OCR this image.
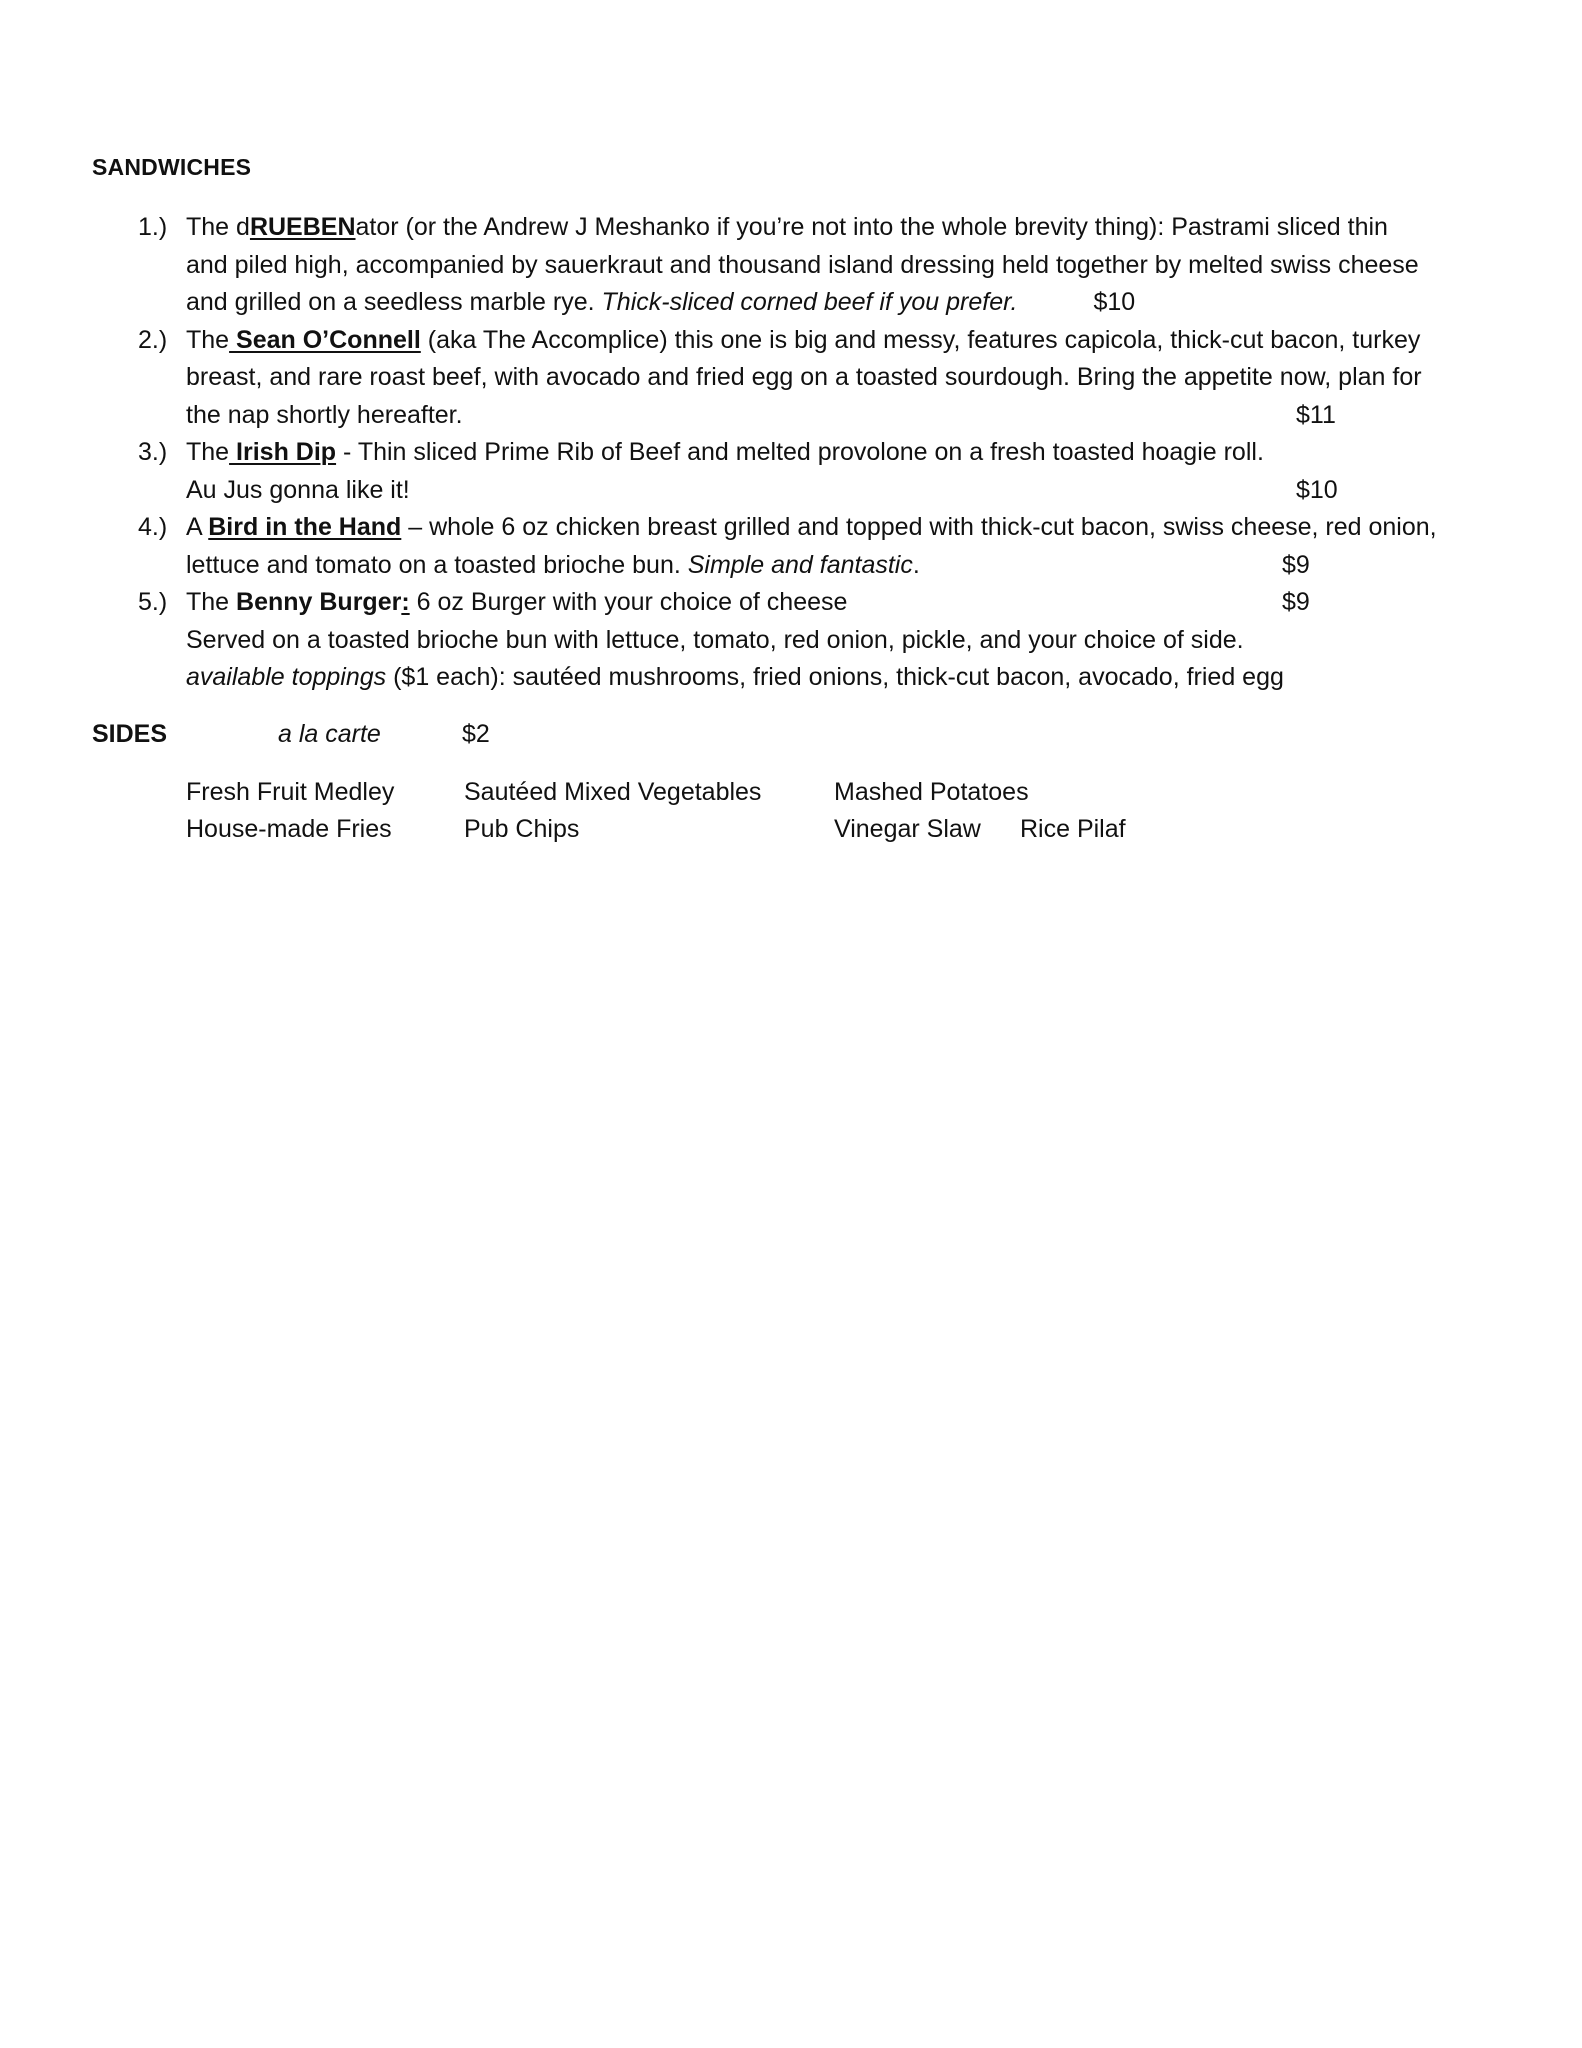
SANDWICHES
1.) The dRUEBENator (or the Andrew J Meshanko if you’re not into the whole brevity thing): Pastrami sliced thin
and piled high, accompanied by sauerkraut and thousand island dressing held together by melted swiss cheese
and grilled on a seedless marble rye. Thick-sliced corned beef if you prefer.	$10
2.) The Sean O’Connell (aka The Accomplice) this one is big and messy, features capicola, thick-cut bacon, turkey
breast, and rare roast beef, with avocado and fried egg on a toasted sourdough. Bring the appetite now, plan for
the nap shortly hereafter.	$11
3.) The Irish Dip - Thin sliced Prime Rib of Beef and melted provolone on a fresh toasted hoagie roll.
Au Jus gonna like it!	$10
4.) A Bird in the Hand – whole 6 oz chicken breast grilled and topped with thick-cut bacon, swiss cheese, red onion,
lettuce and tomato on a toasted brioche bun. Simple and fantastic.	$9
5.) The Benny Burger: 6 oz Burger with your choice of cheese	$9
Served on a toasted brioche bun with lettuce, tomato, red onion, pickle, and your choice of side.
available toppings ($1 each): sautéed mushrooms, fried onions, thick-cut bacon, avocado, fried egg
SIDES	a la carte	$2
Fresh Fruit Medley	Sautéed Mixed Vegetables	Mashed Potatoes
House-made Fries	Pub Chips	Vinegar Slaw Rice Pilaf
